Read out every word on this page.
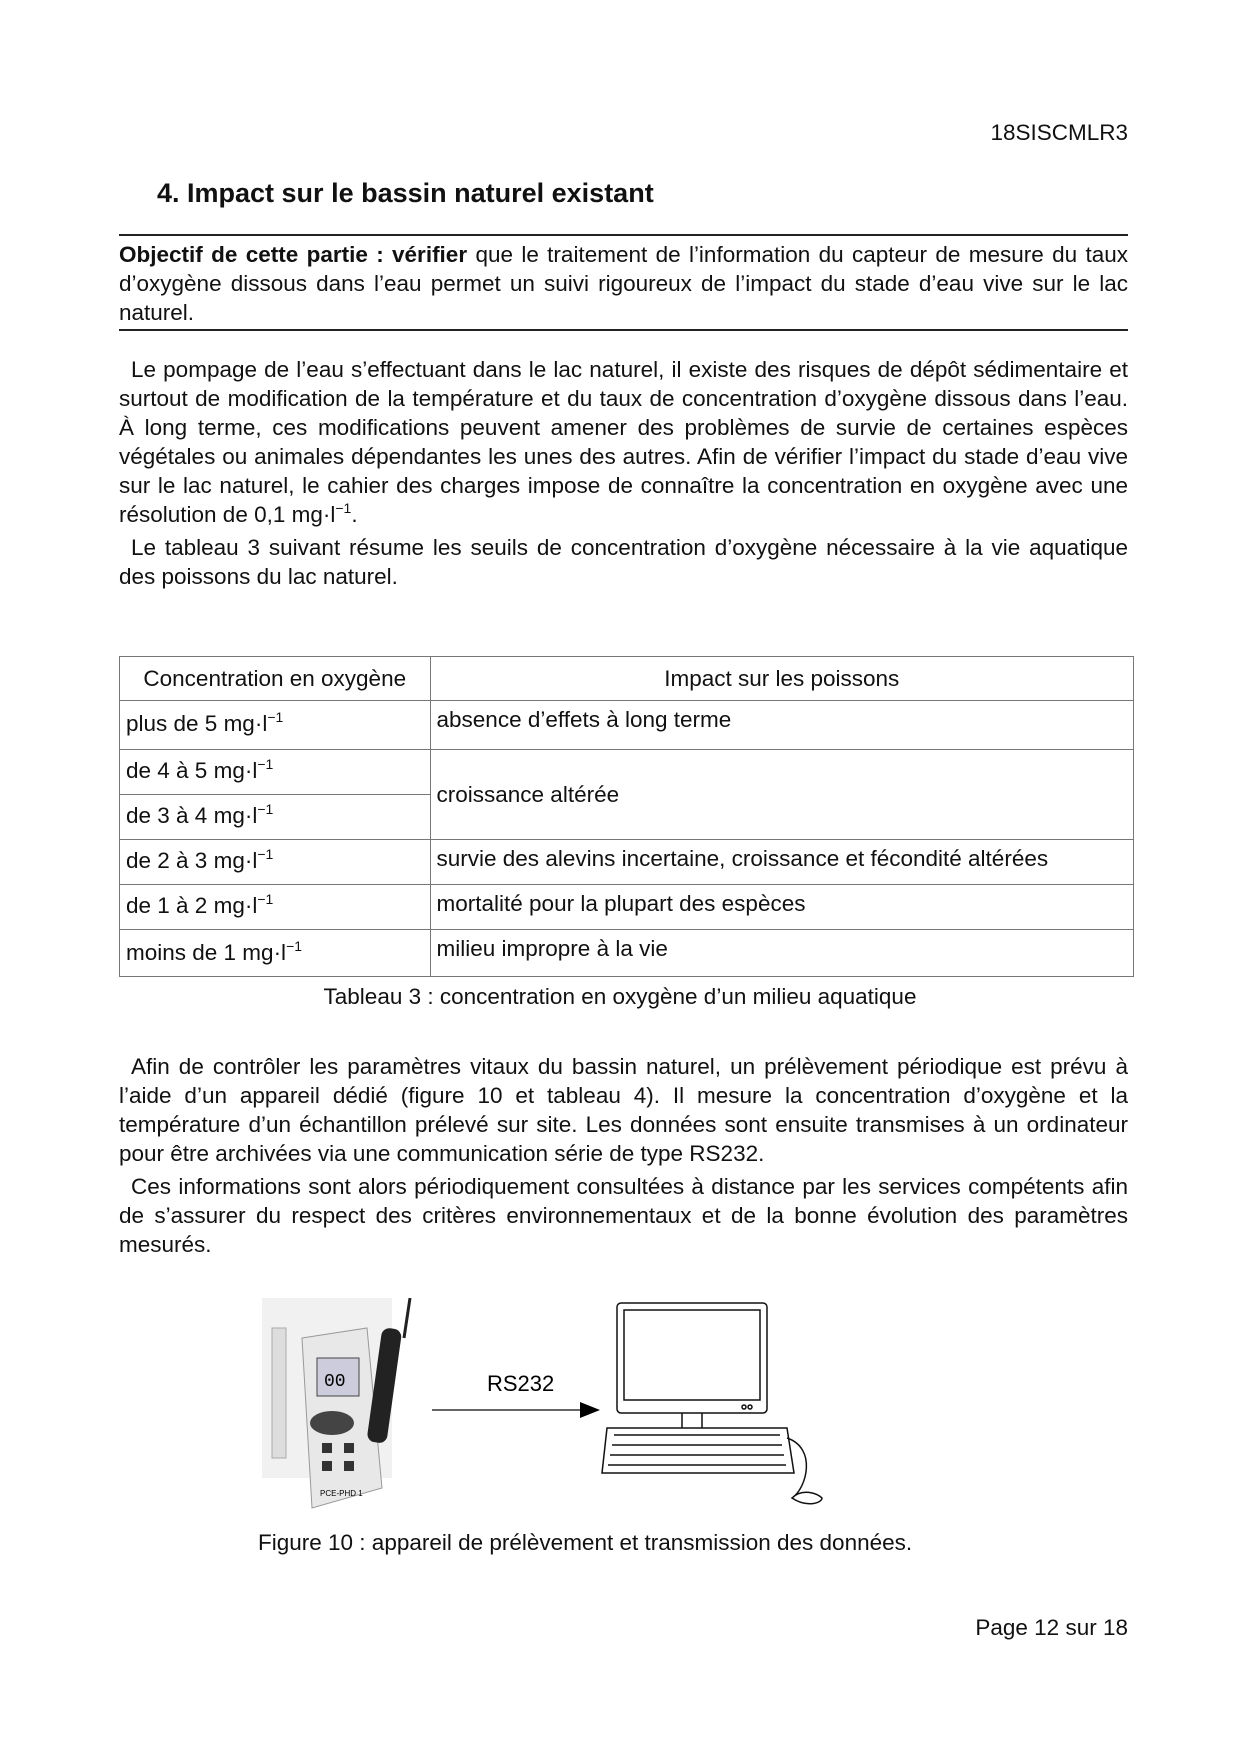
18SISCMLR3
4. Impact sur le bassin naturel existant
Objectif de cette partie : vérifier que le traitement de l’information du capteur de mesure du taux d’oxygène dissous dans l’eau permet un suivi rigoureux de l’impact du stade d’eau vive sur le lac naturel.

Le pompage de l’eau s’effectuant dans le lac naturel, il existe des risques de dépôt sédimentaire et surtout de modification de la température et du taux de concentration d’oxygène dissous dans l’eau. À long terme, ces modifications peuvent amener des problèmes de survie de certaines espèces végétales ou animales dépendantes les unes des autres. Afin de vérifier l’impact du stade d’eau vive sur le lac naturel, le cahier des charges impose de connaître la concentration en oxygène avec une résolution de 0,1 $mg\cdot l^{-1}$.

Le tableau 3 suivant résume les seuils de concentration d’oxygène nécessaire à la vie aquatique des poissons du lac naturel.

Concentration en oxygène	Impact sur les poissons
plus de 5 $mg\cdot l^{-1}$	absence d’effets à long terme
de 4 à 5 $mg\cdot l^{-1}$	croissance altérée
de 3 à 4 $mg\cdot l^{-1}$
de 2 à 3 $mg\cdot l^{-1}$	survie des alevins incertaine, croissance et fécondité altérées
de 1 à 2 $mg\cdot l^{-1}$	mortalité pour la plupart des espèces
moins de 1 $mg\cdot l^{-1}$	milieu impropre à la vie
Tableau 3 : concentration en oxygène d’un milieu aquatique

Afin de contrôler les paramètres vitaux du bassin naturel, un prélèvement périodique est prévu à l’aide d’un appareil dédié (figure 10 et tableau 4). Il mesure la concentration d’oxygène et la température d’un échantillon prélevé sur site. Les données sont ensuite transmises à un ordinateur pour être archivées via une communication série de type RS232.

Ces informations sont alors périodiquement consultées à distance par les services compétents afin de s’assurer du respect des critères environnementaux et de la bonne évolution des paramètres mesurés.

00
PCE-PHD 1
RS232
Figure 10 : appareil de prélèvement et transmission des données.
Page 12 sur 18
